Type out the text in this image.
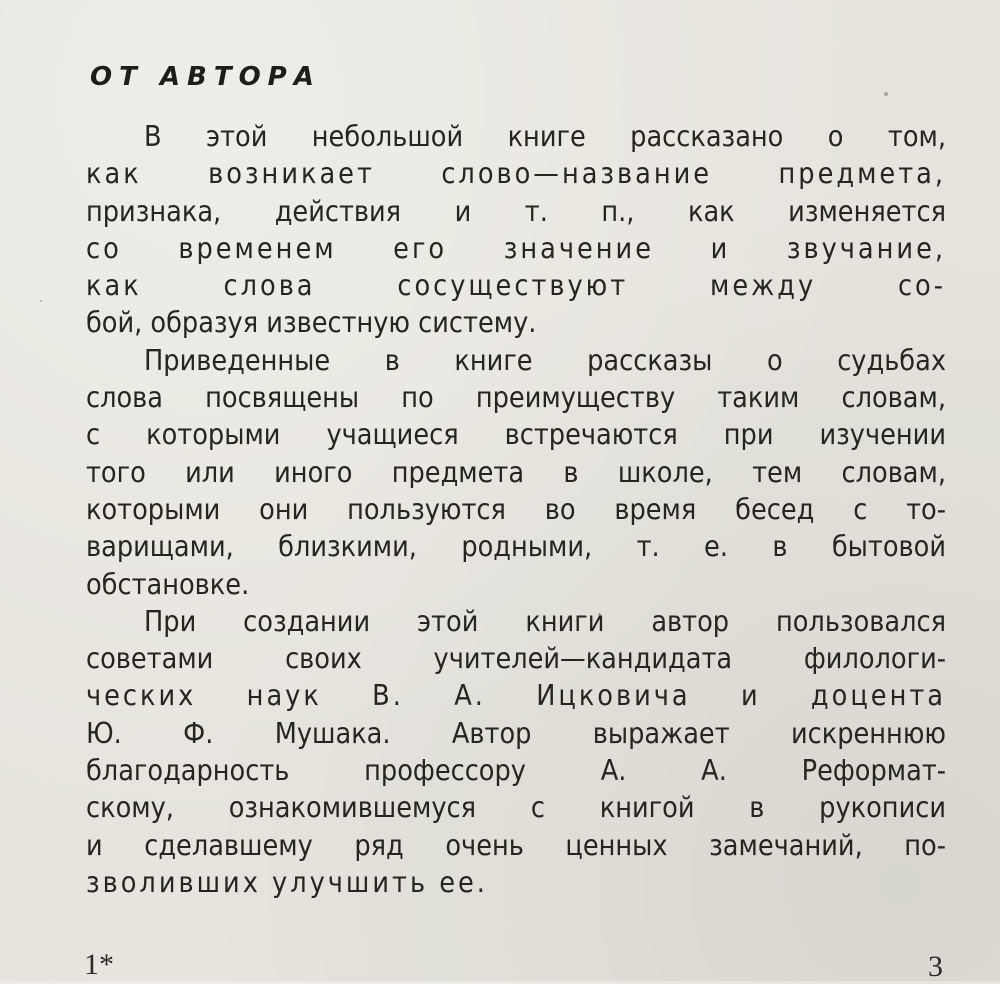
ОТ АВТОРА
В этой небольшой книге рассказано о том,
как возникает слово—название предмета,
признака, действия и т. п., как изменяется
со временем его значение и звучание,
как слова сосуществуют между со-
бой, образуя известную систему.
Приведенные в книге рассказы о судьбах
слова посвящены по преимуществу таким словам,
с которыми учащиеся встречаются при изучении
того или иного предмета в школе, тем словам,
которыми они пользуются во время бесед с то-
варищами, близкими, родными, т. е. в бытовой
обстановке.
При создании этой книги автор пользовался
советами своих учителей—кандидата филологи-
ческих наук В. А. Ицковича и доцента
Ю. Ф. Мушака. Автор выражает искреннюю
благодарность профессору А. А. Реформат-
скому, ознакомившемуся с книгой в рукописи
и сделавшему ряд очень ценных замечаний, по-
зволивших улучшить ее.
1*	3
